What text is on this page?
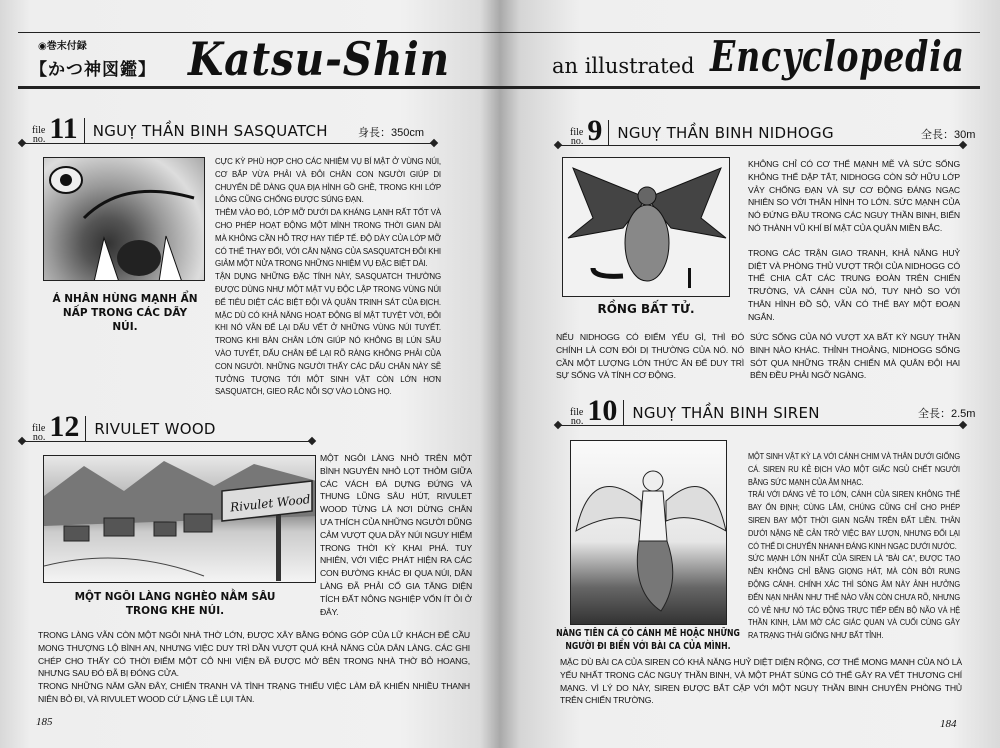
◉巻末付録
【かつ神図鑑】 Katsu-Shin
file
no. 11 NGUỴ THẦN BINH SASQUATCH	身長：350cm
Á NHÂN HÙNG MẠNH ẨN NẤP TRONG CÁC DÃY NÚI.

CỰC KỲ PHÙ HỢP CHO CÁC NHIỆM VỤ BÍ MẬT Ở VÙNG NÚI, CƠ BẮP VỪA PHẢI VÀ ĐÔI CHÂN CON NGƯỜI GIÚP DI CHUYỂN DỄ DÀNG QUA ĐỊA HÌNH GỒ GHỀ, TRONG KHI LỚP LÔNG CŨNG CHỐNG ĐƯỢC SÚNG ĐẠN.

THÊM VÀO ĐÓ, LỚP MỠ DƯỚI DA KHÁNG LẠNH RẤT TỐT VÀ CHO PHÉP HOẠT ĐỘNG MỘT MÌNH TRONG THỜI GIAN DÀI MÀ KHÔNG CẦN HỖ TRỢ HAY TIẾP TẾ. ĐỘ DÀY CỦA LỚP MỠ CÓ THỂ THAY ĐỔI, VỚI CÂN NẶNG CỦA SASQUATCH ĐÔI KHI GIẢM MỘT NỬA TRONG NHỮNG NHIỆM VỤ ĐẶC BIỆT DÀI.

TẬN DỤNG NHỮNG ĐẶC TÍNH NÀY, SASQUATCH THƯỜNG ĐƯỢC DÙNG NHƯ MỘT MẬT VỤ ĐỘC LẬP TRONG VÙNG NÚI ĐỂ TIÊU DIỆT CÁC BIỆT ĐỘI VÀ QUÂN TRINH SÁT CỦA ĐỊCH. MẶC DÙ CÓ KHẢ NĂNG HOẠT ĐỘNG BÍ MẬT TUYỆT VỜI, ĐÔI KHI NÓ VẪN ĐỂ LẠI DẤU VẾT Ở NHỮNG VÙNG NÚI TUYẾT. TRONG KHI BÀN CHÂN LỚN GIÚP NÓ KHÔNG BỊ LÚN SÂU VÀO TUYẾT, DẤU CHÂN ĐỂ LẠI RÕ RÀNG KHÔNG PHẢI CỦA CON NGƯỜI. NHỮNG NGƯỜI THẤY CÁC DẤU CHÂN NÀY SẼ TƯỞNG TƯỢNG TỚI MỘT SINH VẬT CÒN LỚN HƠN SASQUATCH, GIEO RẮC NỖI SỢ VÀO LÒNG HỌ.

file
no. 12 RIVULET WOOD
Rivulet Wood
MỘT NGÔI LÀNG NGHÈO NẰM SÂU TRONG KHE NÚI.
MỘT NGÔI LÀNG NHỎ TRÊN MỘT BÌNH NGUYÊN NHỎ LỌT THỎM GIỮA CÁC VÁCH ĐÁ DỰNG ĐỨNG VÀ THUNG LŨNG SÂU HÚT, RIVULET WOOD TỪNG LÀ NƠI DỪNG CHÂN ƯA THÍCH CỦA NHỮNG NGƯỜI DŨNG CẢM VƯỢT QUA DÃY NÚI NGUY HIỂM TRONG THỜI KỲ KHAI PHÁ. TUY NHIÊN, VỚI VIỆC PHÁT HIỆN RA CÁC CON ĐƯỜNG KHÁC ĐI QUA NÚI, DÂN LÀNG ĐÃ PHẢI CỐ GIA TĂNG DIỆN TÍCH ĐẤT NÔNG NGHIỆP VỐN ÍT ỎI Ở ĐÂY.

TRONG LÀNG VẪN CÒN MỘT NGÔI NHÀ THỜ LỚN, ĐƯỢC XÂY BẰNG ĐÓNG GÓP CỦA LỮ KHÁCH ĐỂ CẦU MONG THƯỢNG LỘ BÌNH AN, NHƯNG VIỆC DUY TRÌ DẦN VƯỢT QUÁ KHẢ NĂNG CỦA DÂN LÀNG. CÁC GHI CHÉP CHO THẤY CÓ THỜI ĐIỂM MỘT CÔ NHI VIỆN ĐÃ ĐƯỢC MỞ BÊN TRONG NHÀ THỜ BỎ HOANG, NHƯNG SAU ĐÓ ĐÃ BỊ ĐÓNG CỬA.

TRONG NHỮNG NĂM GẦN ĐÂY, CHIẾN TRANH VÀ TÌNH TRẠNG THIẾU VIỆC LÀM ĐÃ KHIẾN NHIỀU THANH NIÊN BỎ ĐI, VÀ RIVULET WOOD CỨ LẶNG LẼ LỤI TÀN.

185
an illustrated Encyclopedia
file
no. 9 NGUỴ THẦN BINH NIDHOGG	全長：30m
RỒNG BẤT TỬ.

KHÔNG CHỈ CÓ CƠ THỂ MẠNH MẼ VÀ SỨC SỐNG KHÔNG THỂ DẬP TẮT, NIDHOGG CÒN SỞ HỮU LỚP VẢY CHỐNG ĐẠN VÀ SỰ CƠ ĐỘNG ĐÁNG NGẠC NHIÊN SO VỚI THÂN HÌNH TO LỚN. SỨC MẠNH CỦA NÓ ĐỨNG ĐẦU TRONG CÁC NGUỴ THẦN BINH, BIẾN NÓ THÀNH VŨ KHÍ BÍ MẬT CỦA QUÂN MIỀN BẮC.

TRONG CÁC TRẬN GIAO TRANH, KHẢ NĂNG HUỶ DIỆT VÀ PHÒNG THỦ VƯỢT TRỘI CỦA NIDHOGG CÓ THỂ CHIA CẮT CÁC TRUNG ĐOÀN TRÊN CHIẾN TRƯỜNG, VÀ CÁNH CỦA NÓ, TUY NHỎ SO VỚI THÂN HÌNH ĐỒ SỘ, VẪN CÓ THỂ BAY MỘT ĐOẠN NGẮN.

NẾU NIDHOGG CÓ ĐIỂM YẾU GÌ, THÌ ĐÓ CHÍNH LÀ CƠN ĐÓI DỊ THƯỜNG CỦA NÓ. NÓ CẦN MỘT LƯỢNG LỚN THỨC ĂN ĐỂ DUY TRÌ SỰ SỐNG VÀ TÍNH CƠ ĐỘNG.
SỨC SỐNG CỦA NÓ VƯỢT XA BẤT KỲ NGUỴ THẦN BINH NÀO KHÁC. THỈNH THOẢNG, NIDHOGG SỐNG SÓT QUA NHỮNG TRẬN CHIẾN MÀ QUÂN ĐỘI HAI BÊN ĐỀU PHẢI NGỠ NGÀNG.
file
no. 10 NGUỴ THẦN BINH SIREN	全長：2.5m
NÀNG TIÊN CÁ CÓ CÁNH MÊ HOẶC NHỮNG NGƯỜI ĐI BIỂN VỚI BÀI CA CỦA MÌNH.

MỘT SINH VẬT KỲ LẠ VỚI CÁNH CHIM VÀ THÂN DƯỚI GIỐNG CÁ. SIREN RU KẺ ĐỊCH VÀO MỘT GIẤC NGỦ CHẾT NGƯỜI BẰNG SỨC MẠNH CỦA ÂM NHẠC.

TRÁI VỚI DÁNG VẺ TO LỚN, CÁNH CỦA SIREN KHÔNG THỂ BAY ỔN ĐỊNH; CÙNG LẮM, CHÚNG CŨNG CHỈ CHO PHÉP SIREN BAY MỘT THỜI GIAN NGẮN TRÊN ĐẤT LIỀN. THÂN DƯỚI NẶNG NỀ CẢN TRỞ VIỆC BAY LƯỢN, NHƯNG ĐỔI LẠI CÓ THỂ DI CHUYỂN NHANH ĐÁNG KINH NGẠC DƯỚI NƯỚC.

SỨC MẠNH LỚN NHẤT CỦA SIREN LÀ "BÀI CA", ĐƯỢC TẠO NÊN KHÔNG CHỈ BẰNG GIỌNG HÁT, MÀ CÒN BỞI RUNG ĐỘNG CÁNH. CHÍNH XÁC THÌ SÓNG ÂM NÀY ẢNH HƯỞNG ĐẾN NẠN NHÂN NHƯ THẾ NÀO VẪN CÒN CHƯA RÕ, NHƯNG CÓ VẺ NHƯ NÓ TÁC ĐỘNG TRỰC TIẾP ĐẾN BỘ NÃO VÀ HỆ THẦN KINH, LÀM MỜ CÁC GIÁC QUAN VÀ CUỐI CÙNG GÂY RA TRẠNG THÁI GIỐNG NHƯ BẤT TỈNH.

MẶC DÙ BÀI CA CỦA SIREN CÓ KHẢ NĂNG HUỶ DIỆT DIỆN RỘNG, CƠ THỂ MONG MANH CỦA NÓ LÀ YẾU NHẤT TRONG CÁC NGUỴ THẦN BINH, VÀ MỘT PHÁT SÚNG CÓ THỂ GÂY RA VẾT THƯƠNG CHÍ MẠNG. VÌ LÝ DO NÀY, SIREN ĐƯỢC BẮT CẶP VỚI MỘT NGUỴ THẦN BINH CHUYÊN PHÒNG THỦ TRÊN CHIẾN TRƯỜNG.
184
